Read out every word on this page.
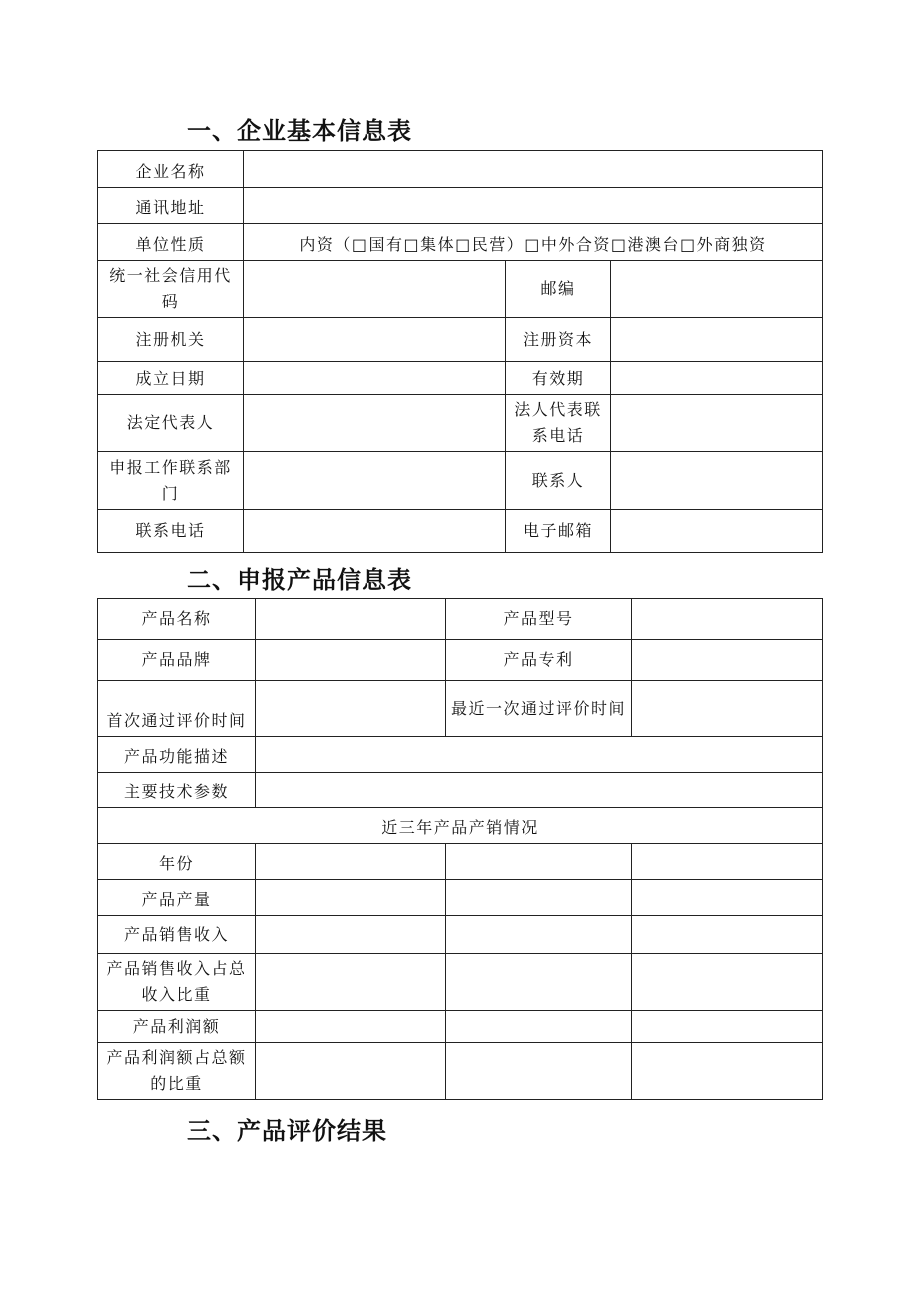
一、企业基本信息表
企业名称			
通讯地址			
单位性质	内资（□国有□集体□民营）□中外合资□港澳台□外商独资		
统一社会信用代码		邮编	
注册机关		注册资本	
成立日期		有效期	
法定代表人		法人代表联系电话	
申报工作联系部门		联系人	
联系电话		电子邮箱	
二、申报产品信息表
产品名称		产品型号	
产品品牌		产品专利	
首次通过评价时间		最近一次通过评价时间	
产品功能描述			
主要技术参数			
近三年产品产销情况			
年份			
产品产量			
产品销售收入			
产品销售收入占总收入比重			
产品利润额			
产品利润额占总额的比重			
三、产品评价结果
